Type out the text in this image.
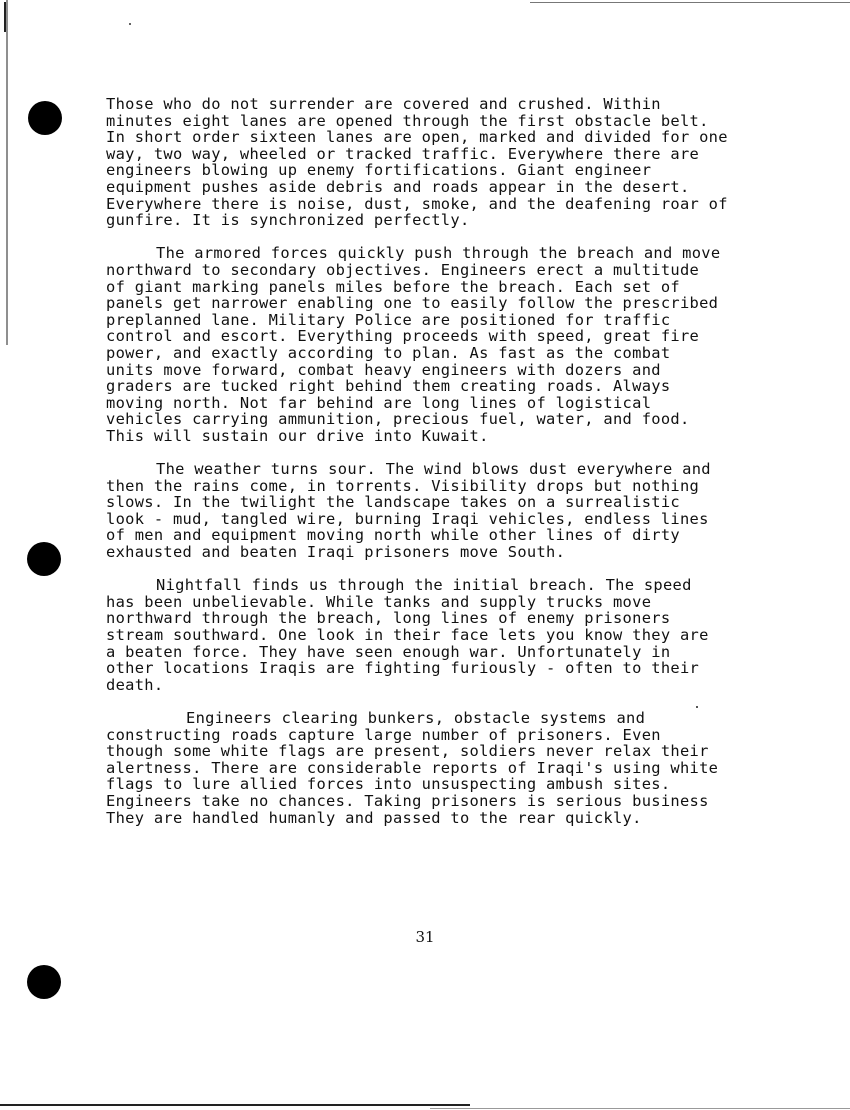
Those who do not surrender are covered and crushed. Within
minutes eight lanes are opened through the first obstacle belt.
In short order sixteen lanes are open, marked and divided for one
way, two way, wheeled or tracked traffic. Everywhere there are
engineers blowing up enemy fortifications. Giant engineer
equipment pushes aside debris and roads appear in the desert.
Everywhere there is noise, dust, smoke, and the deafening roar of
gunfire. It is synchronized perfectly.

The armored forces quickly push through the breach and move
northward to secondary objectives. Engineers erect a multitude
of giant marking panels miles before the breach. Each set of
panels get narrower enabling one to easily follow the prescribed
preplanned lane. Military Police are positioned for traffic
control and escort. Everything proceeds with speed, great fire
power, and exactly according to plan. As fast as the combat
units move forward, combat heavy engineers with dozers and
graders are tucked right behind them creating roads. Always
moving north. Not far behind are long lines of logistical
vehicles carrying ammunition, precious fuel, water, and food.
This will sustain our drive into Kuwait.

The weather turns sour. The wind blows dust everywhere and
then the rains come, in torrents. Visibility drops but nothing
slows. In the twilight the landscape takes on a surrealistic
look - mud, tangled wire, burning Iraqi vehicles, endless lines
of men and equipment moving north while other lines of dirty
exhausted and beaten Iraqi prisoners move South.

Nightfall finds us through the initial breach. The speed
has been unbelievable. While tanks and supply trucks move
northward through the breach, long lines of enemy prisoners
stream southward. One look in their face lets you know they are
a beaten force. They have seen enough war. Unfortunately in
other locations Iraqis are fighting furiously - often to their
death.

Engineers clearing bunkers, obstacle systems and
constructing roads capture large number of prisoners. Even
though some white flags are present, soldiers never relax their
alertness. There are considerable reports of Iraqi's using white
flags to lure allied forces into unsuspecting ambush sites.
Engineers take no chances. Taking prisoners is serious business
They are handled humanly and passed to the rear quickly.

31
